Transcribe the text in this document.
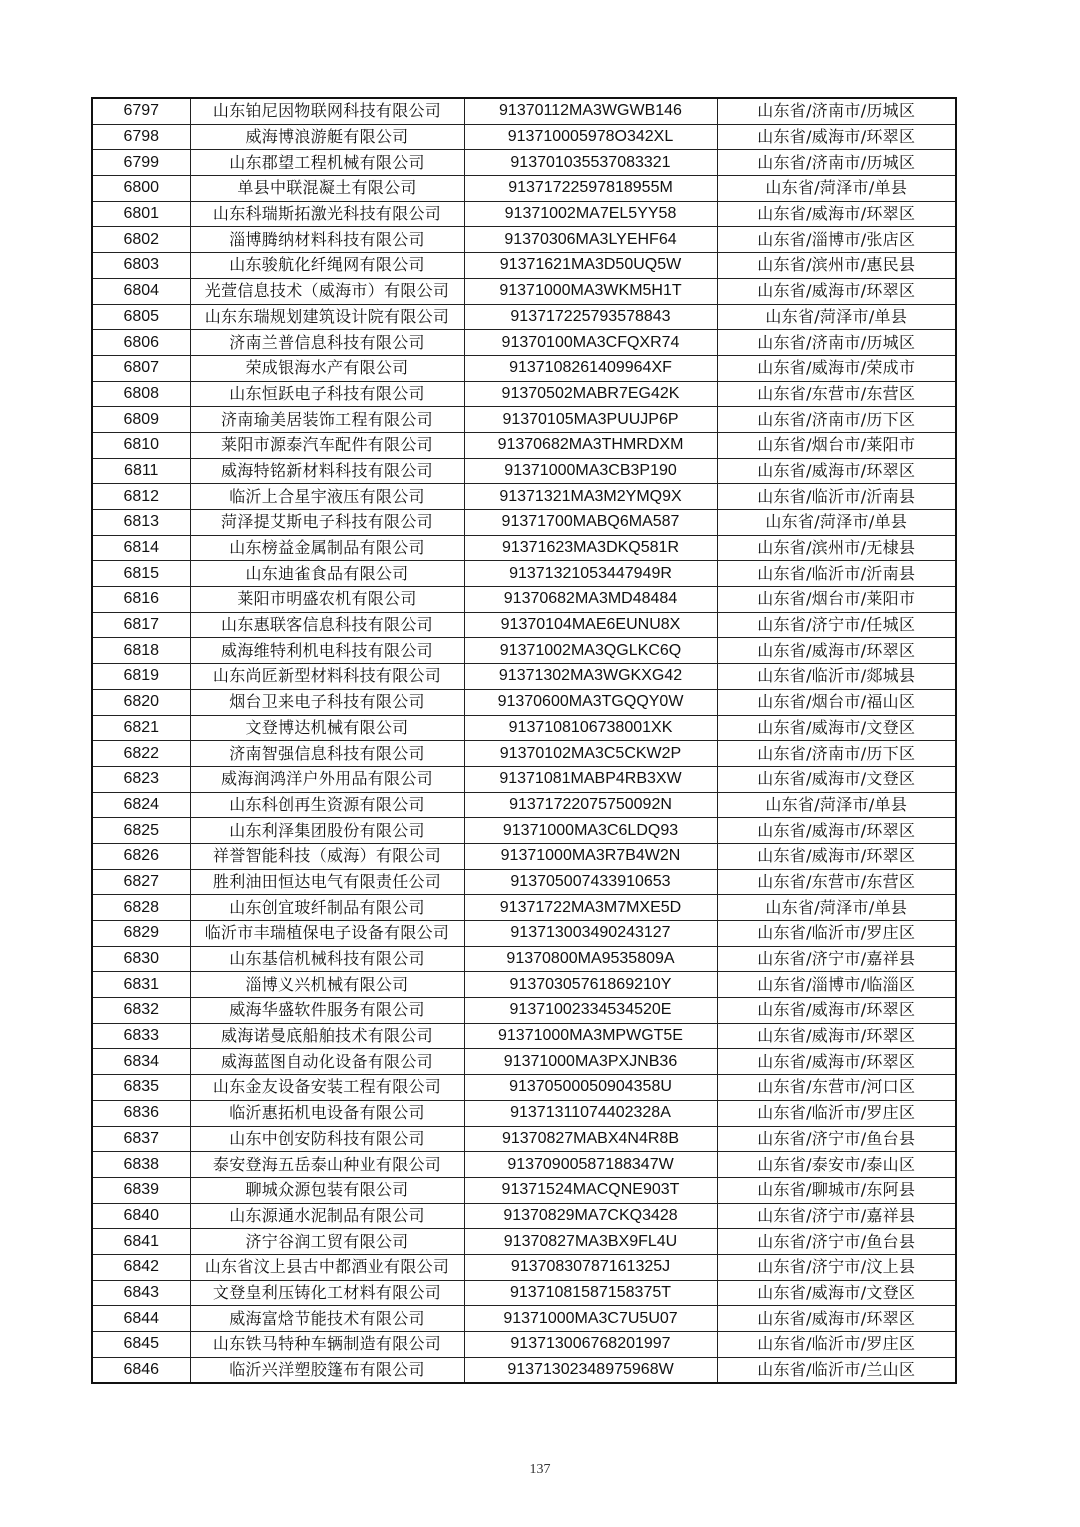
6797	山东铂尼因物联网科技有限公司	91370112MA3WGWB146	山东省/济南市/历城区
6798	威海博浪游艇有限公司	913710005978O342XL	山东省/威海市/环翠区
6799	山东郡望工程机械有限公司	913701035537083321	山东省/济南市/历城区
6800	单县中联混凝土有限公司	91371722597818955M	山东省/菏泽市/单县
6801	山东科瑞斯拓激光科技有限公司	91371002MA7EL5YY58	山东省/威海市/环翠区
6802	淄博腾纳材料科技有限公司	91370306MA3LYEHF64	山东省/淄博市/张店区
6803	山东骏航化纤绳网有限公司	91371621MA3D50UQ5W	山东省/滨州市/惠民县
6804	光萱信息技术（威海市）有限公司	91371000MA3WKM5H1T	山东省/威海市/环翠区
6805	山东东瑞规划建筑设计院有限公司	913717225793578843	山东省/菏泽市/单县
6806	济南兰普信息科技有限公司	91370100MA3CFQXR74	山东省/济南市/历城区
6807	荣成银海水产有限公司	9137108261409964XF	山东省/威海市/荣成市
6808	山东恒跃电子科技有限公司	91370502MABR7EG42K	山东省/东营市/东营区
6809	济南瑜美居装饰工程有限公司	91370105MA3PUUJP6P	山东省/济南市/历下区
6810	莱阳市源泰汽车配件有限公司	91370682MA3THMRDXM	山东省/烟台市/莱阳市
6811	威海特铭新材料科技有限公司	91371000MA3CB3P190	山东省/威海市/环翠区
6812	临沂上合星宇液压有限公司	91371321MA3M2YMQ9X	山东省/临沂市/沂南县
6813	菏泽提艾斯电子科技有限公司	91371700MABQ6MA587	山东省/菏泽市/单县
6814	山东榜益金属制品有限公司	91371623MA3DKQ581R	山东省/滨州市/无棣县
6815	山东迪雀食品有限公司	91371321053447949R	山东省/临沂市/沂南县
6816	莱阳市明盛农机有限公司	91370682MA3MD48484	山东省/烟台市/莱阳市
6817	山东惠联客信息科技有限公司	91370104MAE6EUNU8X	山东省/济宁市/任城区
6818	威海维特利机电科技有限公司	91371002MA3QGLKC6Q	山东省/威海市/环翠区
6819	山东尚匠新型材料科技有限公司	91371302MA3WGKXG42	山东省/临沂市/郯城县
6820	烟台卫来电子科技有限公司	91370600MA3TGQQY0W	山东省/烟台市/福山区
6821	文登博达机械有限公司	9137108106738001XK	山东省/威海市/文登区
6822	济南智强信息科技有限公司	91370102MA3C5CKW2P	山东省/济南市/历下区
6823	威海润鸿洋户外用品有限公司	91371081MABP4RB3XW	山东省/威海市/文登区
6824	山东科创再生资源有限公司	91371722075750092N	山东省/菏泽市/单县
6825	山东利泽集团股份有限公司	91371000MA3C6LDQ93	山东省/威海市/环翠区
6826	祥誉智能科技（威海）有限公司	91371000MA3R7B4W2N	山东省/威海市/环翠区
6827	胜利油田恒达电气有限责任公司	913705007433910653	山东省/东营市/东营区
6828	山东创宜玻纤制品有限公司	91371722MA3M7MXE5D	山东省/菏泽市/单县
6829	临沂市丰瑞植保电子设备有限公司	913713003490243127	山东省/临沂市/罗庄区
6830	山东基信机械科技有限公司	91370800MA9535809A	山东省/济宁市/嘉祥县
6831	淄博义兴机械有限公司	91370305761869210Y	山东省/淄博市/临淄区
6832	威海华盛软件服务有限公司	91371002334534520E	山东省/威海市/环翠区
6833	威海诺曼底船舶技术有限公司	91371000MA3MPWGT5E	山东省/威海市/环翠区
6834	威海蓝图自动化设备有限公司	91371000MA3PXJNB36	山东省/威海市/环翠区
6835	山东金友设备安装工程有限公司	91370500050904358U	山东省/东营市/河口区
6836	临沂惠拓机电设备有限公司	91371311074402328A	山东省/临沂市/罗庄区
6837	山东中创安防科技有限公司	91370827MABX4N4R8B	山东省/济宁市/鱼台县
6838	泰安登海五岳泰山种业有限公司	91370900587188347W	山东省/泰安市/泰山区
6839	聊城众源包装有限公司	91371524MACQNE903T	山东省/聊城市/东阿县
6840	山东源通水泥制品有限公司	91370829MA7CKQ3428	山东省/济宁市/嘉祥县
6841	济宁谷润工贸有限公司	91370827MA3BX9FL4U	山东省/济宁市/鱼台县
6842	山东省汶上县古中都酒业有限公司	91370830787161325J	山东省/济宁市/汶上县
6843	文登皇利压铸化工材料有限公司	91371081587158375T	山东省/威海市/文登区
6844	威海富焓节能技术有限公司	91371000MA3C7U5U07	山东省/威海市/环翠区
6845	山东铁马特种车辆制造有限公司	913713006768201997	山东省/临沂市/罗庄区
6846	临沂兴洋塑胶篷布有限公司	91371302348975968W	山东省/临沂市/兰山区
137
